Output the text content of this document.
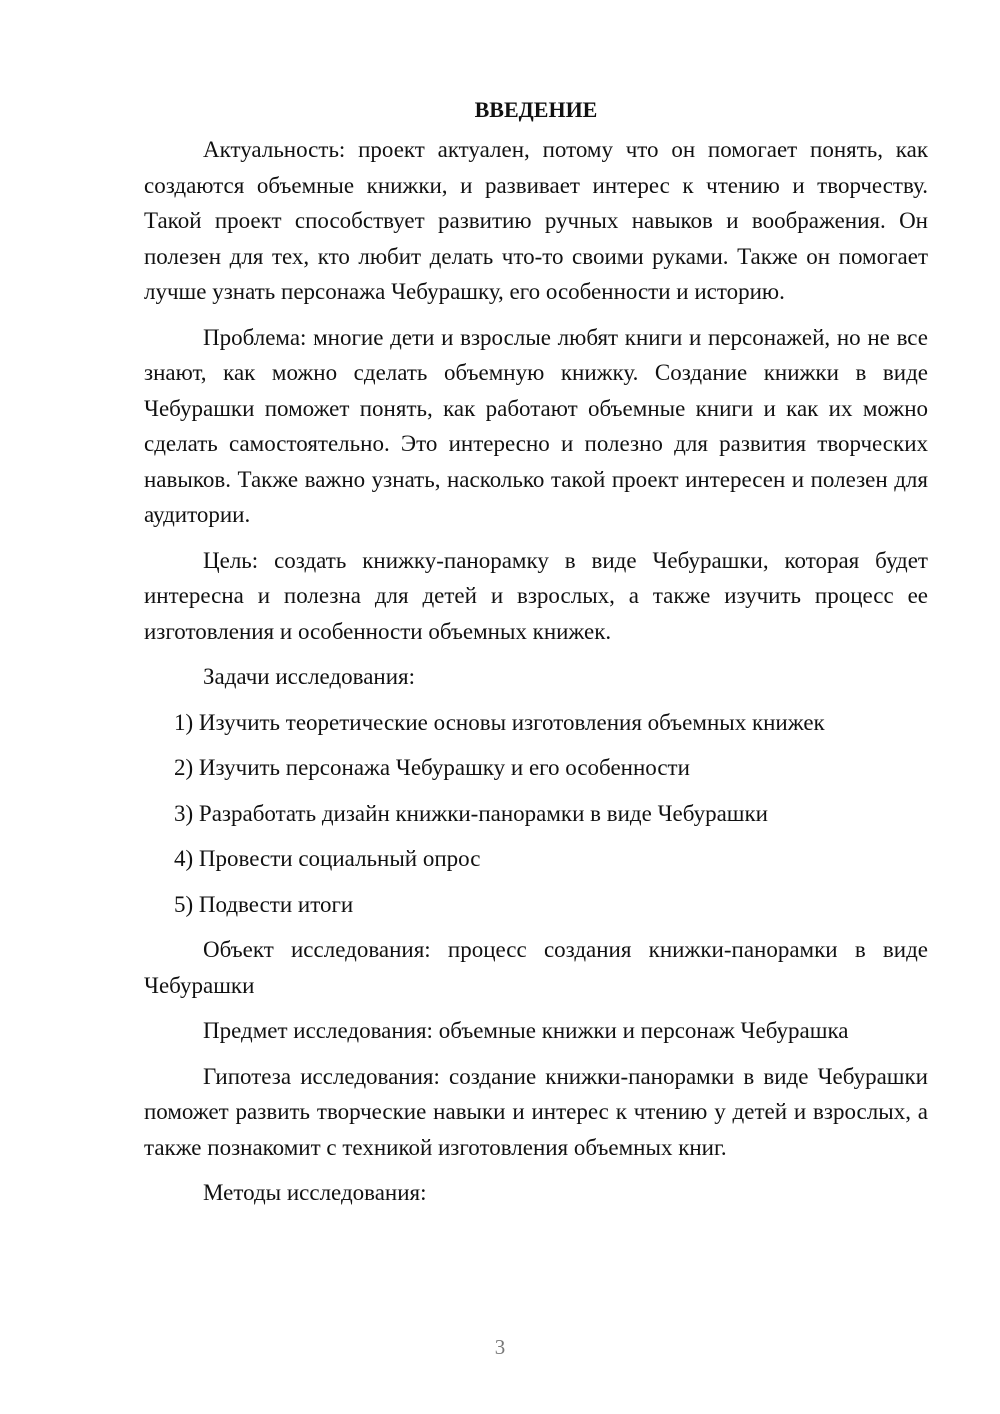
ВВЕДЕНИЕ

Актуальность: проект актуален, потому что он помогает понять, как создаются объемные книжки, и развивает интерес к чтению и творчеству. Такой проект способствует развитию ручных навыков и воображения. Он полезен для тех, кто любит делать что-то своими руками. Также он помогает лучше узнать персонажа Чебурашку, его особенности и историю.

Проблема: многие дети и взрослые любят книги и персонажей, но не все знают, как можно сделать объемную книжку. Создание книжки в виде Чебурашки поможет понять, как работают объемные книги и как их можно сделать самостоятельно. Это интересно и полезно для развития творческих навыков. Также важно узнать, насколько такой проект интересен и полезен для аудитории.

Цель: создать книжку-панорамку в виде Чебурашки, которая будет интересна и полезна для детей и взрослых, а также изучить процесс ее изготовления и особенности объемных книжек.

Задачи исследования:

1) Изучить теоретические основы изготовления объемных книжек
2) Изучить персонажа Чебурашку и его особенности
3) Разработать дизайн книжки-панорамки в виде Чебурашки
4) Провести социальный опрос
5) Подвести итоги

Объект исследования: процесс создания книжки-панорамки в виде Чебурашки

Предмет исследования: объемные книжки и персонаж Чебурашка

Гипотеза исследования: создание книжки-панорамки в виде Чебурашки поможет развить творческие навыки и интерес к чтению у детей и взрослых, а также познакомит с техникой изготовления объемных книг.

Методы исследования:

3
